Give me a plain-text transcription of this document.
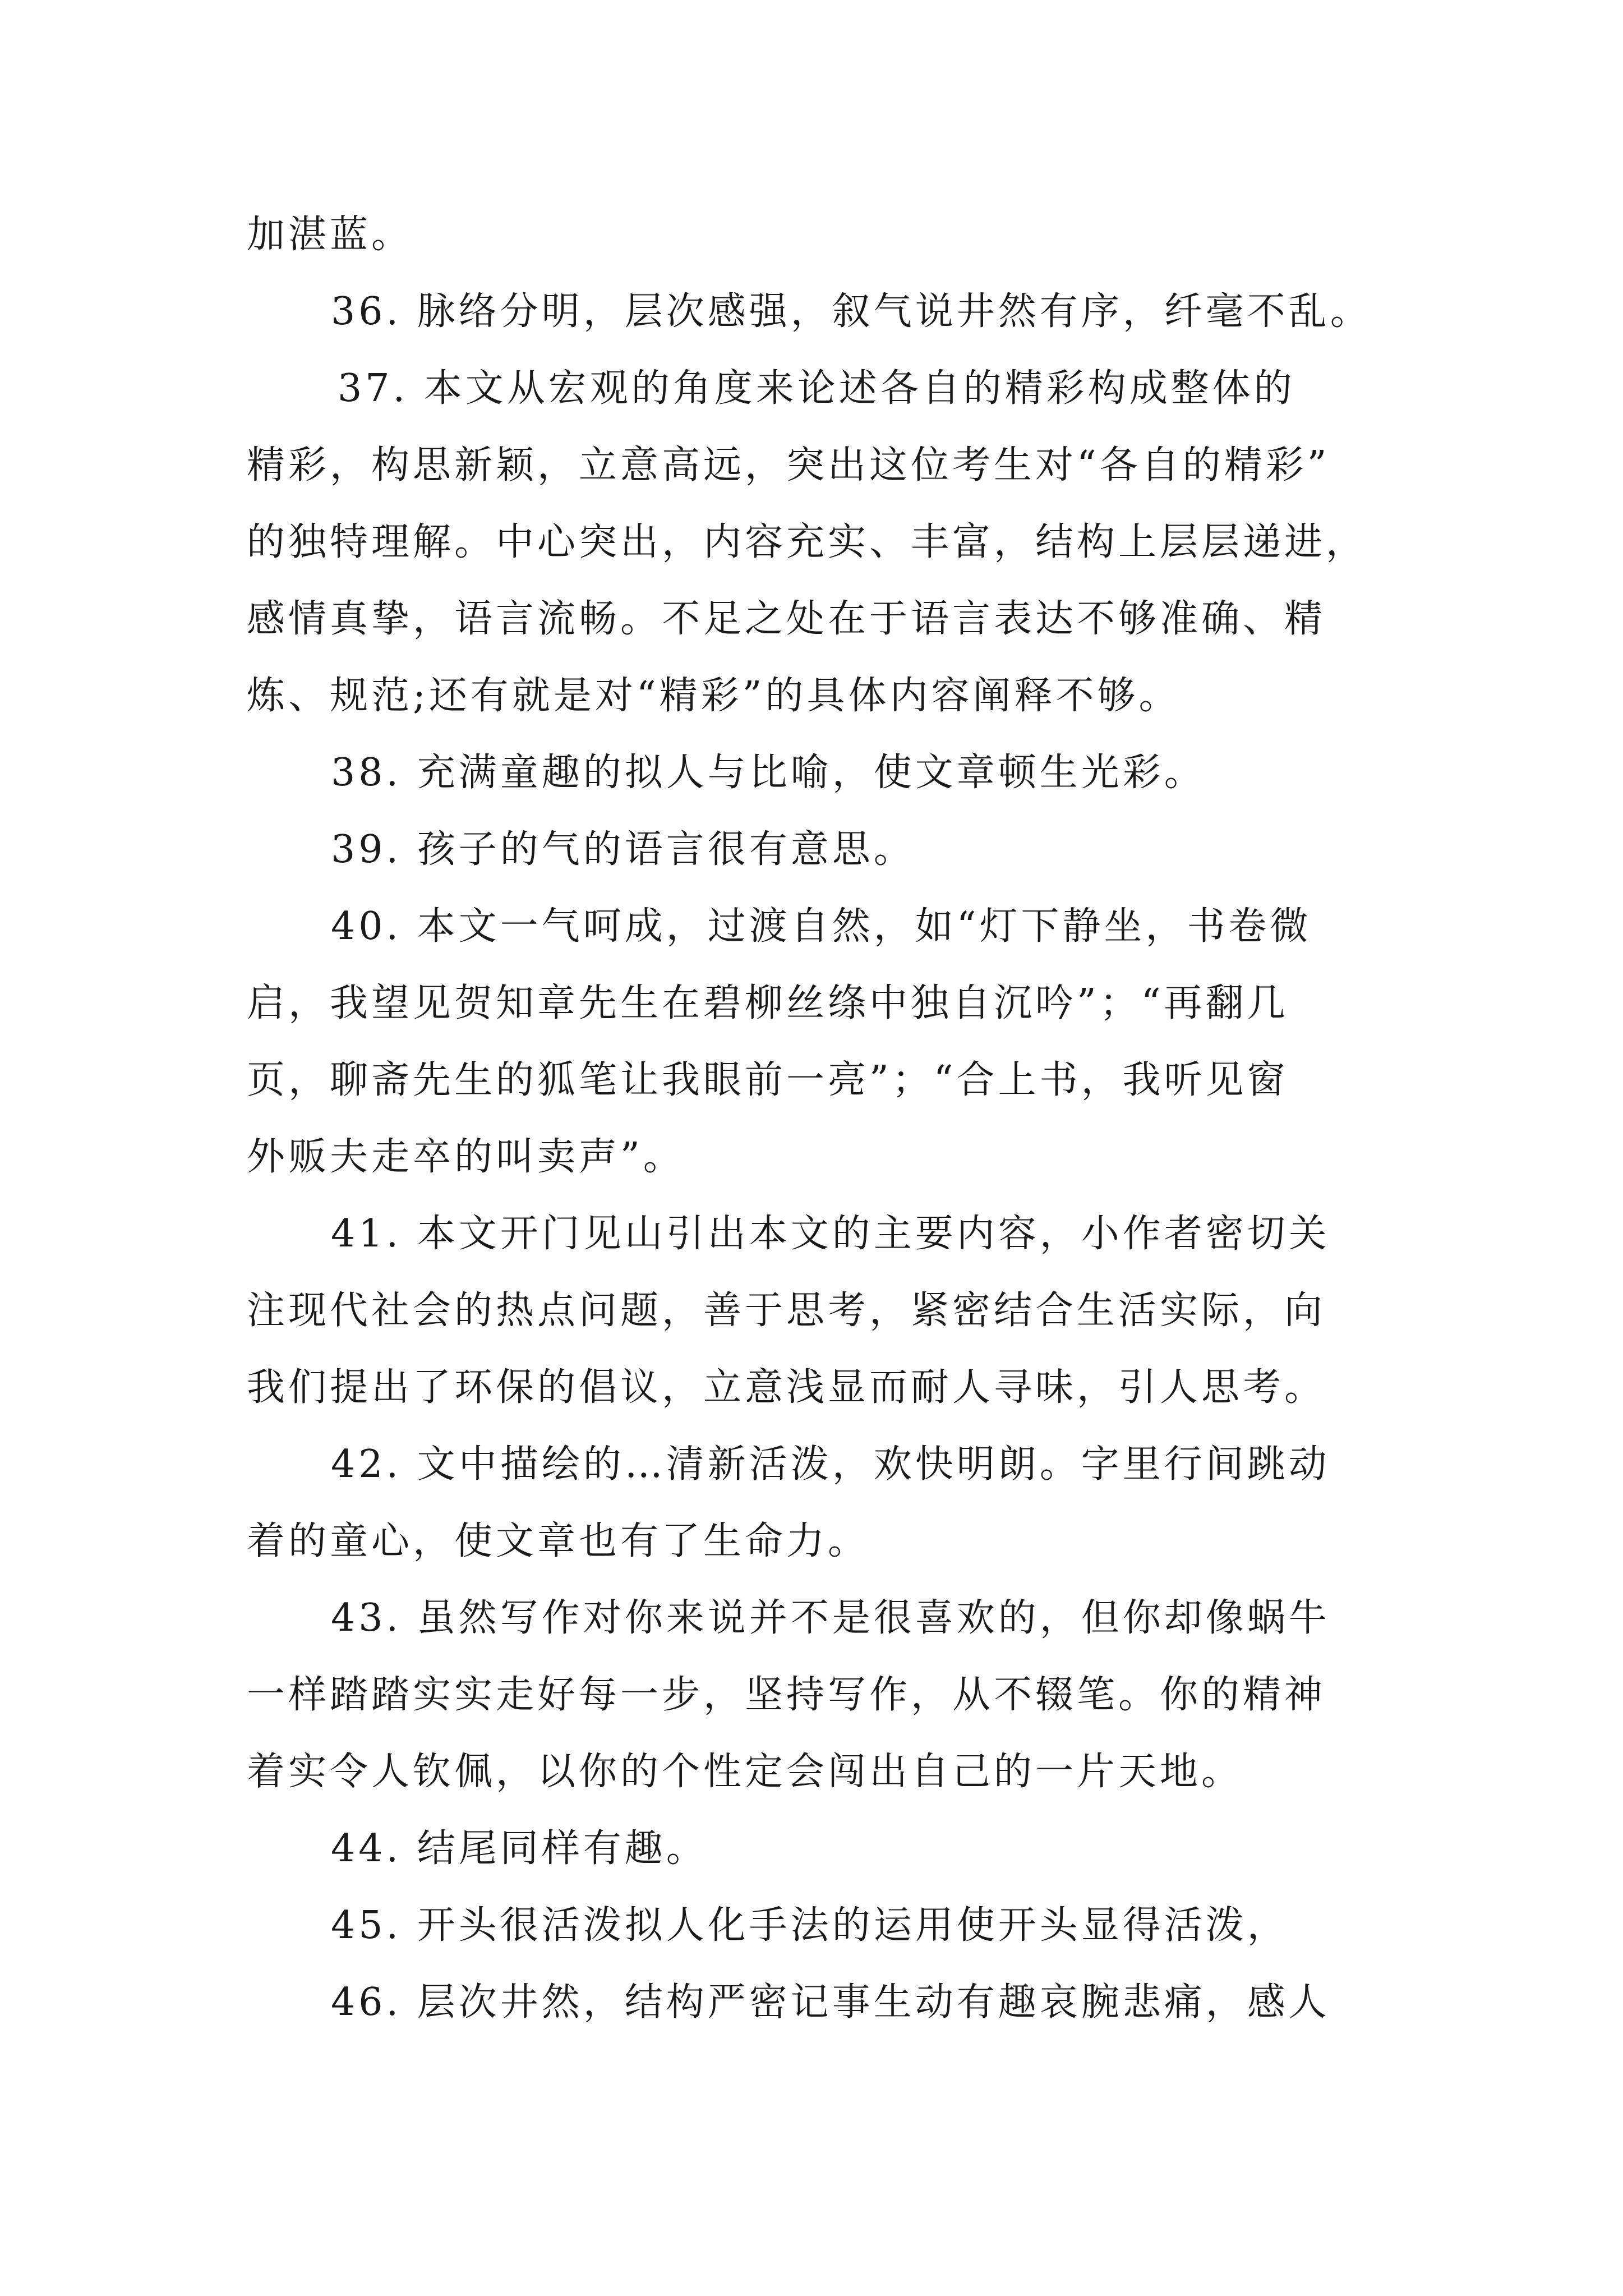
加湛蓝。

36. 脉络分明，层次感强，叙气说井然有序，纤毫不乱。

37. 本文从宏观的角度来论述各自的精彩构成整体的
精彩，构思新颖，立意高远，突出这位考生对“各自的精彩”
的独特理解。中心突出，内容充实、丰富，结构上层层递进，
感情真挚，语言流畅。不足之处在于语言表达不够准确、精
炼、规范;还有就是对“精彩”的具体内容阐释不够。

38. 充满童趣的拟人与比喻，使文章顿生光彩。

39. 孩子的气的语言很有意思。

40. 本文一气呵成，过渡自然，如“灯下静坐，书卷微
启，我望见贺知章先生在碧柳丝绦中独自沉吟”；“再翻几
页，聊斋先生的狐笔让我眼前一亮”；“合上书，我听见窗
外贩夫走卒的叫卖声”。

41. 本文开门见山引出本文的主要内容，小作者密切关
注现代社会的热点问题，善于思考，紧密结合生活实际，向
我们提出了环保的倡议，立意浅显而耐人寻味，引人思考。

42. 文中描绘的…清新活泼，欢快明朗。字里行间跳动
着的童心，使文章也有了生命力。

43. 虽然写作对你来说并不是很喜欢的，但你却像蜗牛
一样踏踏实实走好每一步，坚持写作，从不辍笔。你的精神
着实令人钦佩，以你的个性定会闯出自己的一片天地。

44. 结尾同样有趣。

45. 开头很活泼拟人化手法的运用使开头显得活泼，

46. 层次井然，结构严密记事生动有趣哀腕悲痛，感人
